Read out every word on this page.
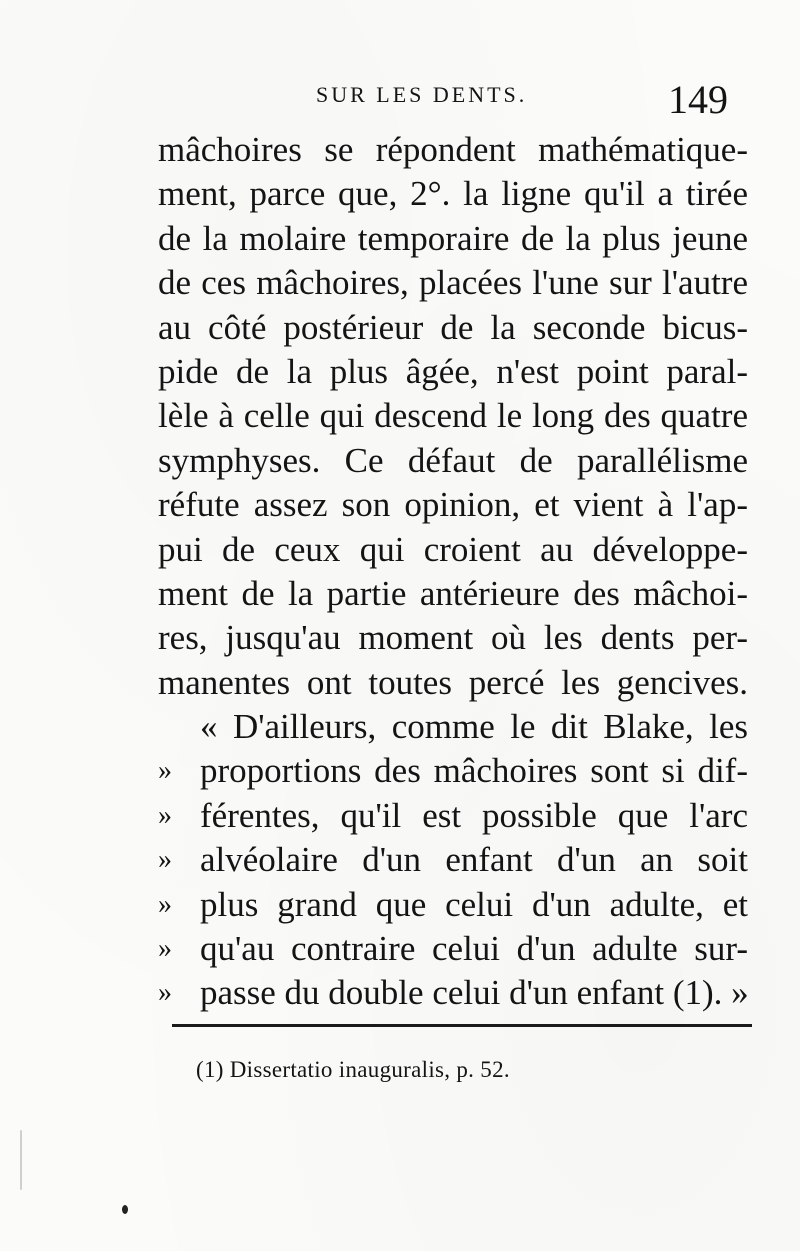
SUR LES DENTS.	149
mâchoires se répondent mathématique-
ment, parce que, 2°. la ligne qu'il a tirée
de la molaire temporaire de la plus jeune
de ces mâchoires, placées l'une sur l'autre
au côté postérieur de la seconde bicus-
pide de la plus âgée, n'est point paral-
lèle à celle qui descend le long des quatre
symphyses. Ce défaut de parallélisme
réfute assez son opinion, et vient à l'ap-
pui de ceux qui croient au développe-
ment de la partie antérieure des mâchoi-
res, jusqu'au moment où les dents per-
manentes ont toutes percé les gencives.
« D'ailleurs, comme le dit Blake, les
» proportions des mâchoires sont si dif-
» férentes, qu'il est possible que l'arc
» alvéolaire d'un enfant d'un an soit
» plus grand que celui d'un adulte, et
» qu'au contraire celui d'un adulte sur-
» passe du double celui d'un enfant (1). »
(1) Dissertatio inauguralis, p. 52.
